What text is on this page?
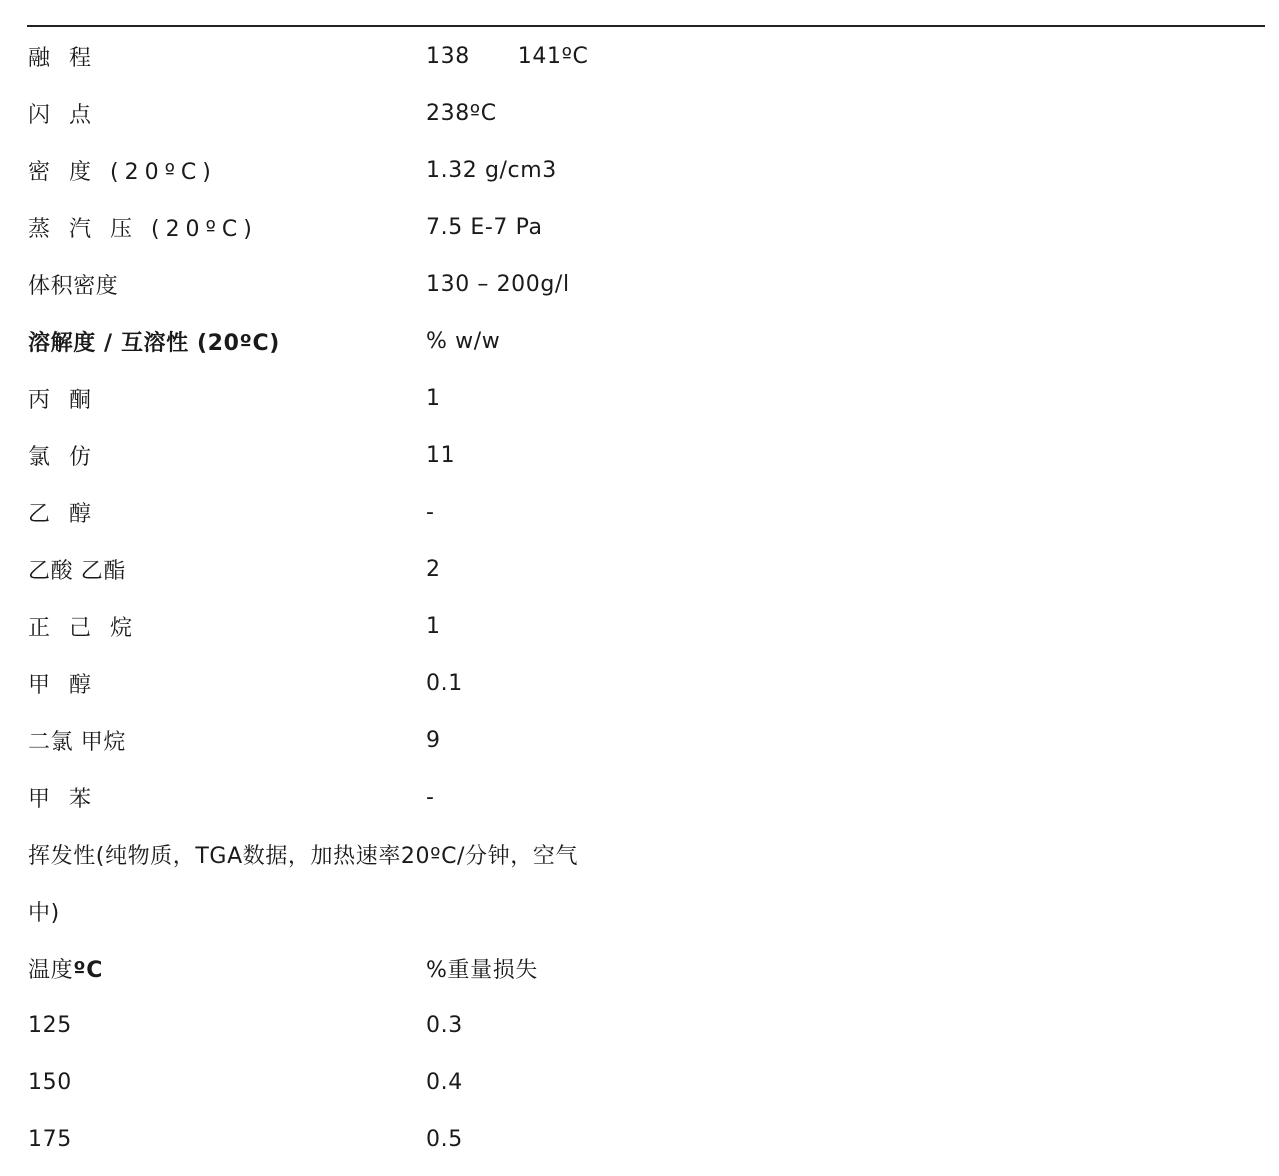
融 程	138 141ºC
闪 点	238ºC
密 度 (20ºC)	1.32 g/cm3
蒸 汽 压 (20ºC)	7.5 E-7 Pa
体积密度	130 – 200g/l
溶解度 / 互溶性 (20ºC)	% w/w
丙 酮	1
氯 仿	11
乙 醇	-
乙酸 乙酯	2
正 己 烷	1
甲 醇	0.1
二氯 甲烷	9
甲 苯	-
挥发性(纯物质，TGA数据，加热速率20ºC/分钟，空气
中)
温度ºC	%重量损失
125	0.3
150	0.4
175	0.5
